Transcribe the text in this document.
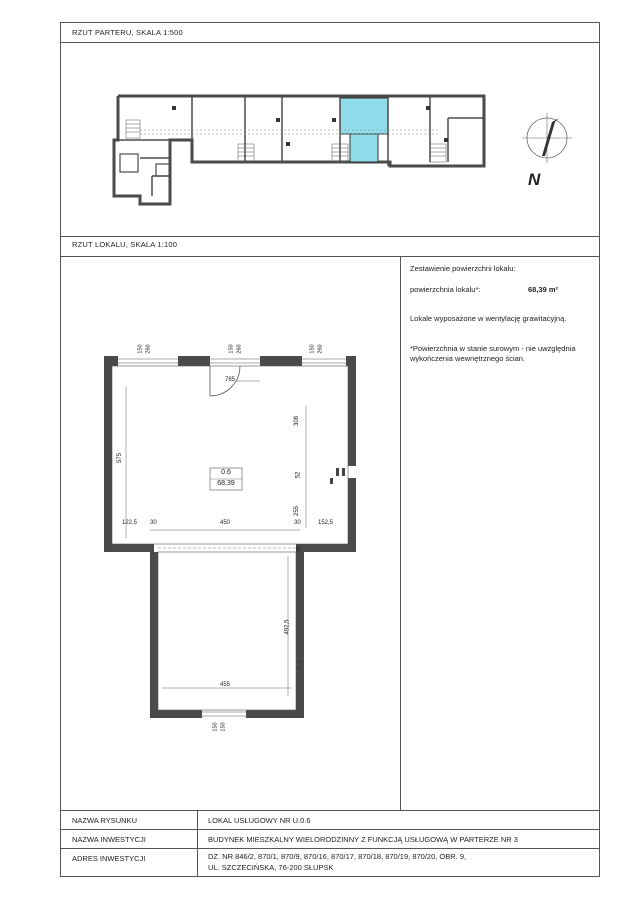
RZUT PARTERU, SKALA 1:500
RZUT LOKALU, SKALA 1:100
N
Zestawienie powierzchni lokalu:
powierzchnia lokalu*:	68,39 m²
Lokale wyposażone w wentylację grawitacyjną.
*Powierzchnia w stanie surowym - nie uwzględnia wykończenia wewnętrznego ścian.
150 260	150 260	150 260
785
575
308
52
255
122,5 30	450	30	152,5
30
492,5
455
150 150
0.6
68,39
NAZWA RYSUNKU	LOKAL USŁUGOWY NR U.0.6
NAZWA INWESTYCJI	BUDYNEK MIESZKALNY WIELORODZINNY Z FUNKCJĄ USŁUGOWĄ W PARTERZE NR 3
ADRES INWESTYCJI	DZ. NR 846/2, 870/1, 870/9, 870/16, 870/17, 870/18, 870/19, 870/20, OBR. 9,
UL. SZCZECIŃSKA, 76-200 SŁUPSK
